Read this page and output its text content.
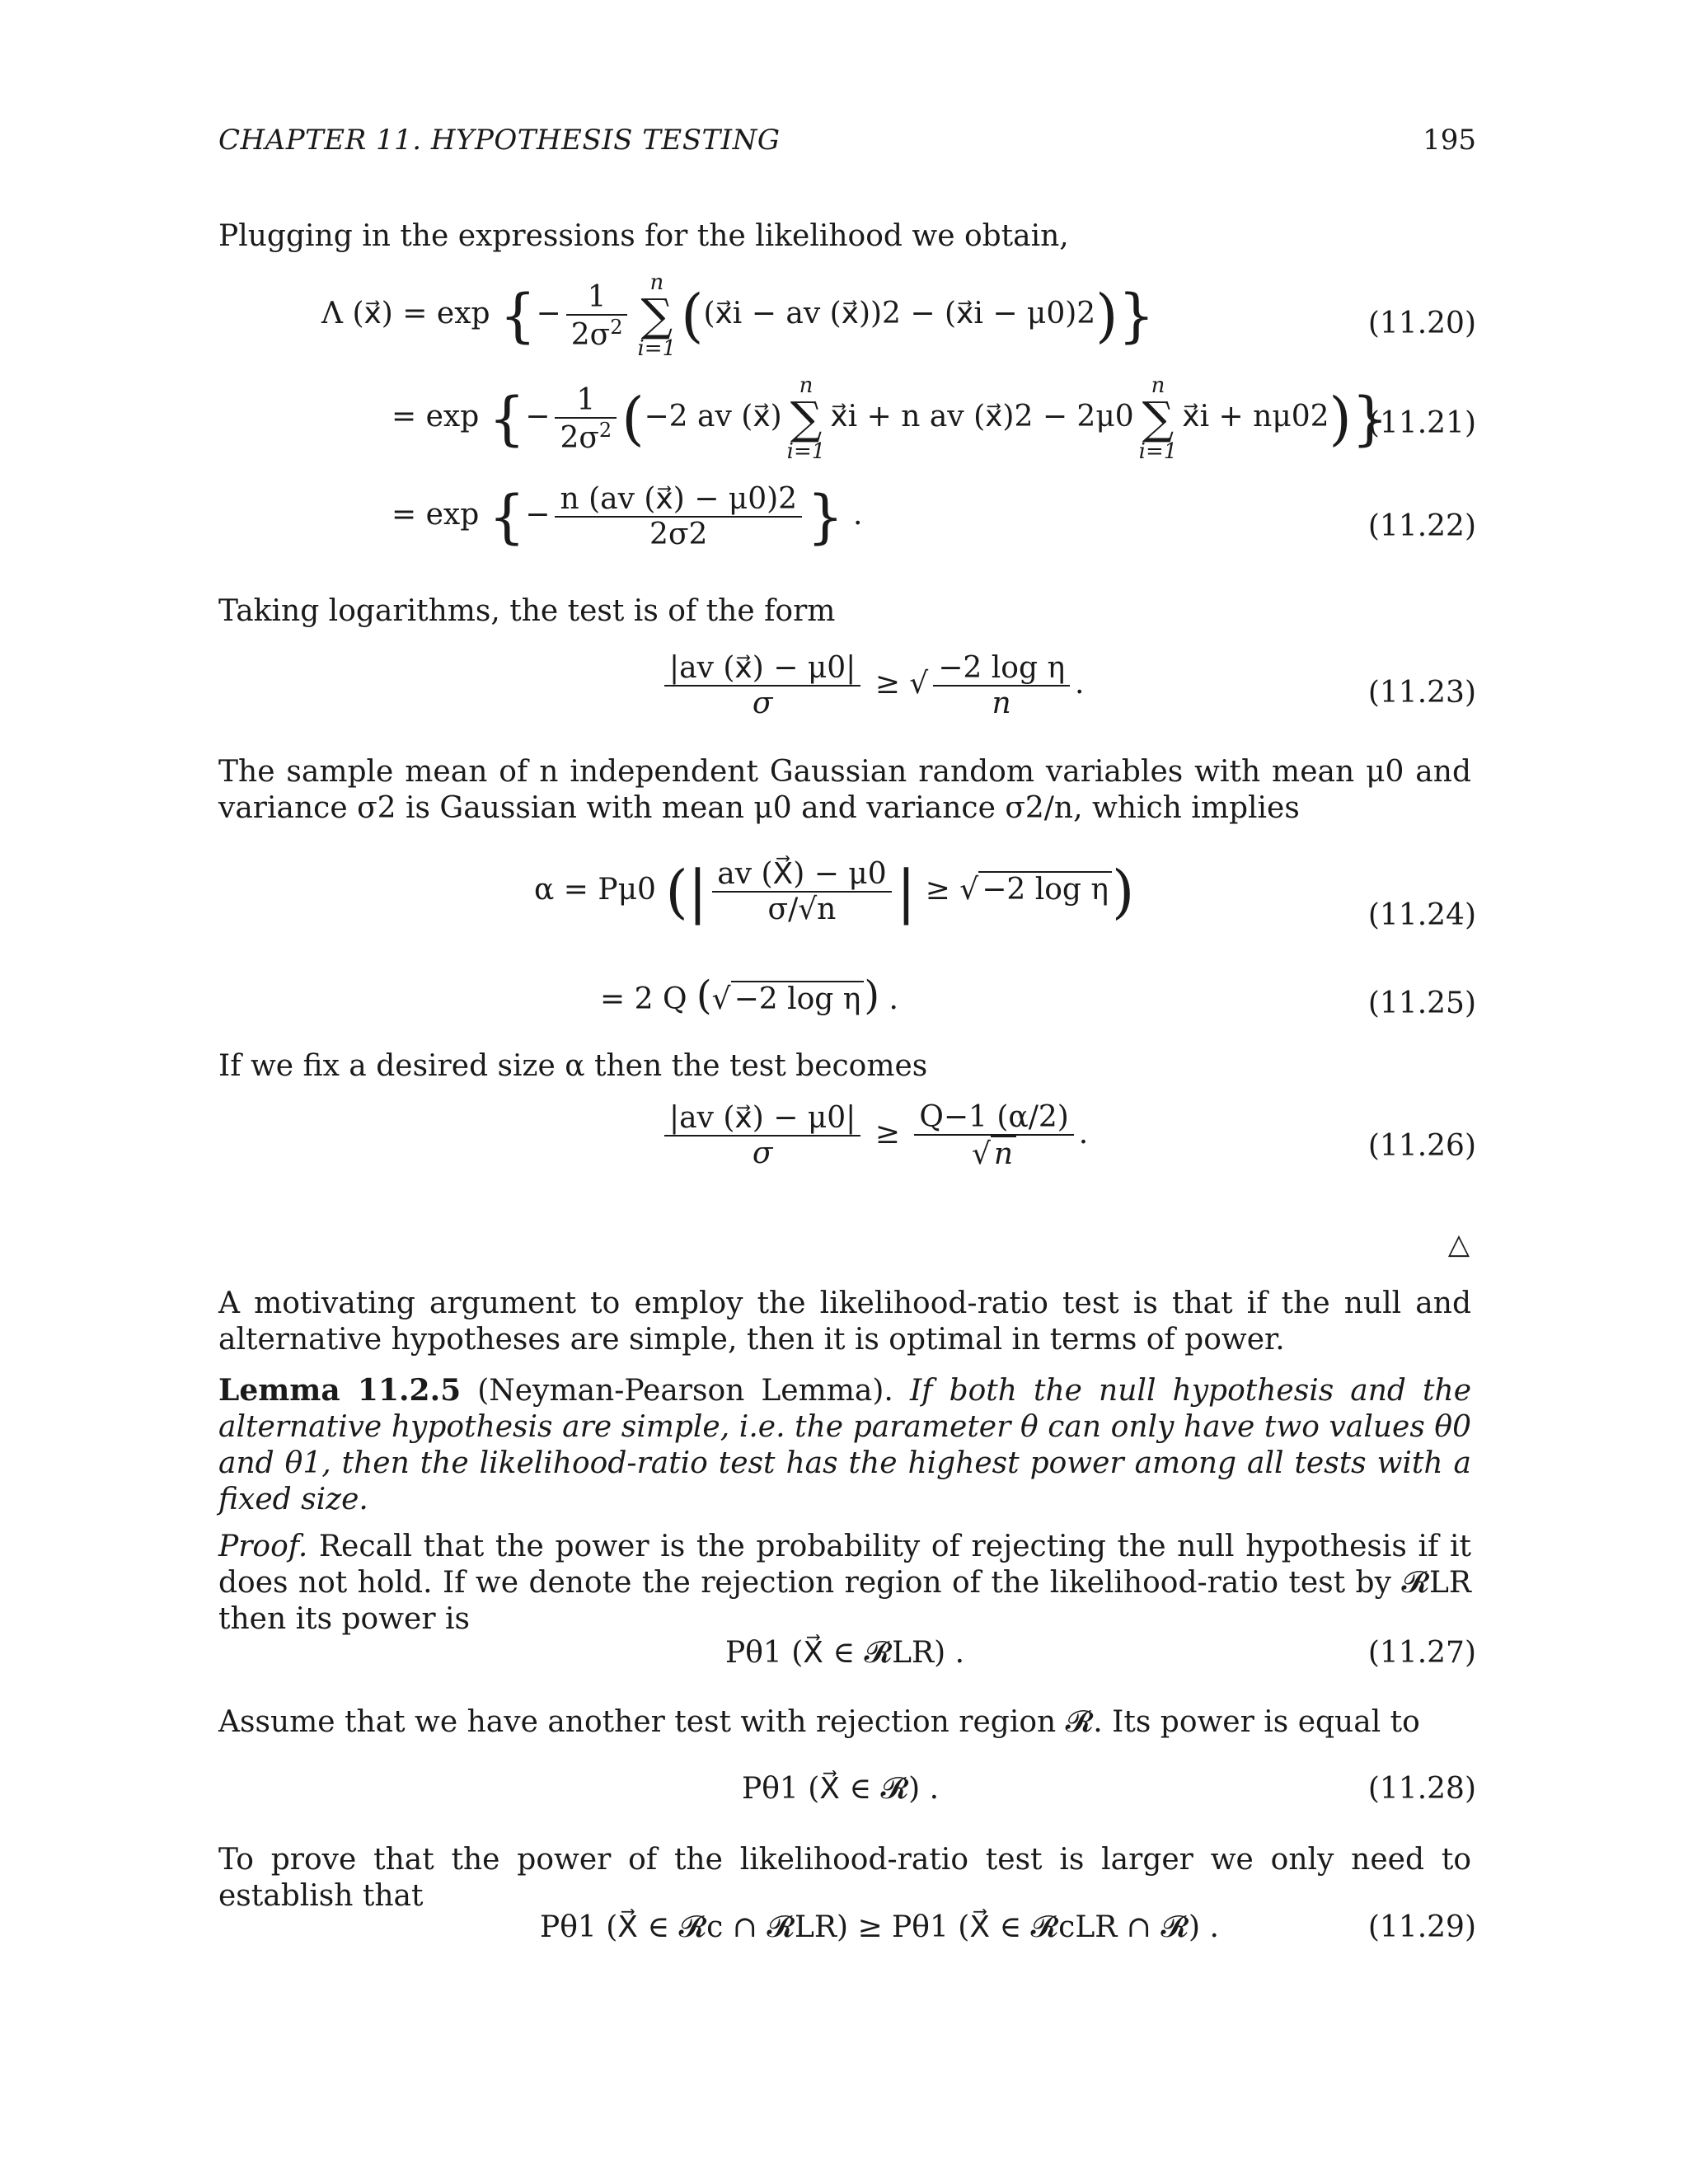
CHAPTER 11. HYPOTHESIS TESTING	195
Plugging in the expressions for the likelihood we obtain,
Λ (x⃗) = exp {− $\frac{1}{2\sigma^2}$	n
∑
i=1 ((x⃗i − av (x⃗))2 − (x⃗i − μ0)2)}	(11.20)
= exp {− $\frac{1}{2\sigma^2} (-2$ av (x⃗)
n
∑
i=1
x⃗i + n av (x⃗)2 − 2μ0
n
∑
i=1
x⃗i + nμ02)}
(11.21)
= exp {− $\frac{n (av (x⃗) - \mu 0)2}{2\sigma 2}$ } .	(11.22)
Taking logarithms, the test is of the form
$\frac{|av (x⃗) - \mu 0|}{\sigma}$ ≥ √ $\frac{\text{−2 log η}}{n}$ .	(11.23)
The sample mean of n independent Gaussian random variables with mean μ0 and variance σ2 is Gaussian with mean μ0 and variance σ2/n, which implies
α = Pμ0 (| $\frac{av (X⃗) - \mu 0}{\sigma/√n}$ | ≥ √ −2 log η)	(11.24)
= 2 Q (√ −2 log η) .	(11.25)
If we fix a desired size α then the test becomes
$\frac{|av (x⃗) - \mu 0|}{\sigma} \ge \frac{Q-1 (\alpha/2)}{√ n}$ .	(11.26)
△
A motivating argument to employ the likelihood-ratio test is that if the null and alternative hypotheses are simple, then it is optimal in terms of power.
Lemma 11.2.5 (Neyman-Pearson Lemma). If both the null hypothesis and the alternative hypothesis are simple, i.e. the parameter θ can only have two values θ0 and θ1, then the likelihood-ratio test has the highest power among all tests with a fixed size.
Proof. Recall that the power is the probability of rejecting the null hypothesis if it does not hold. If we denote the rejection region of the likelihood-ratio test by 𝓡LR then its power is
Pθ1 (X⃗ ∈ 𝓡LR) .	(11.27)
Assume that we have another test with rejection region 𝓡. Its power is equal to
Pθ1 (X⃗ ∈ 𝓡) .	(11.28)
To prove that the power of the likelihood-ratio test is larger we only need to establish that
Pθ1 (X⃗ ∈ 𝓡c ∩ 𝓡LR) ≥ Pθ1 (X⃗ ∈ 𝓡cLR ∩ 𝓡) .	(11.29)
